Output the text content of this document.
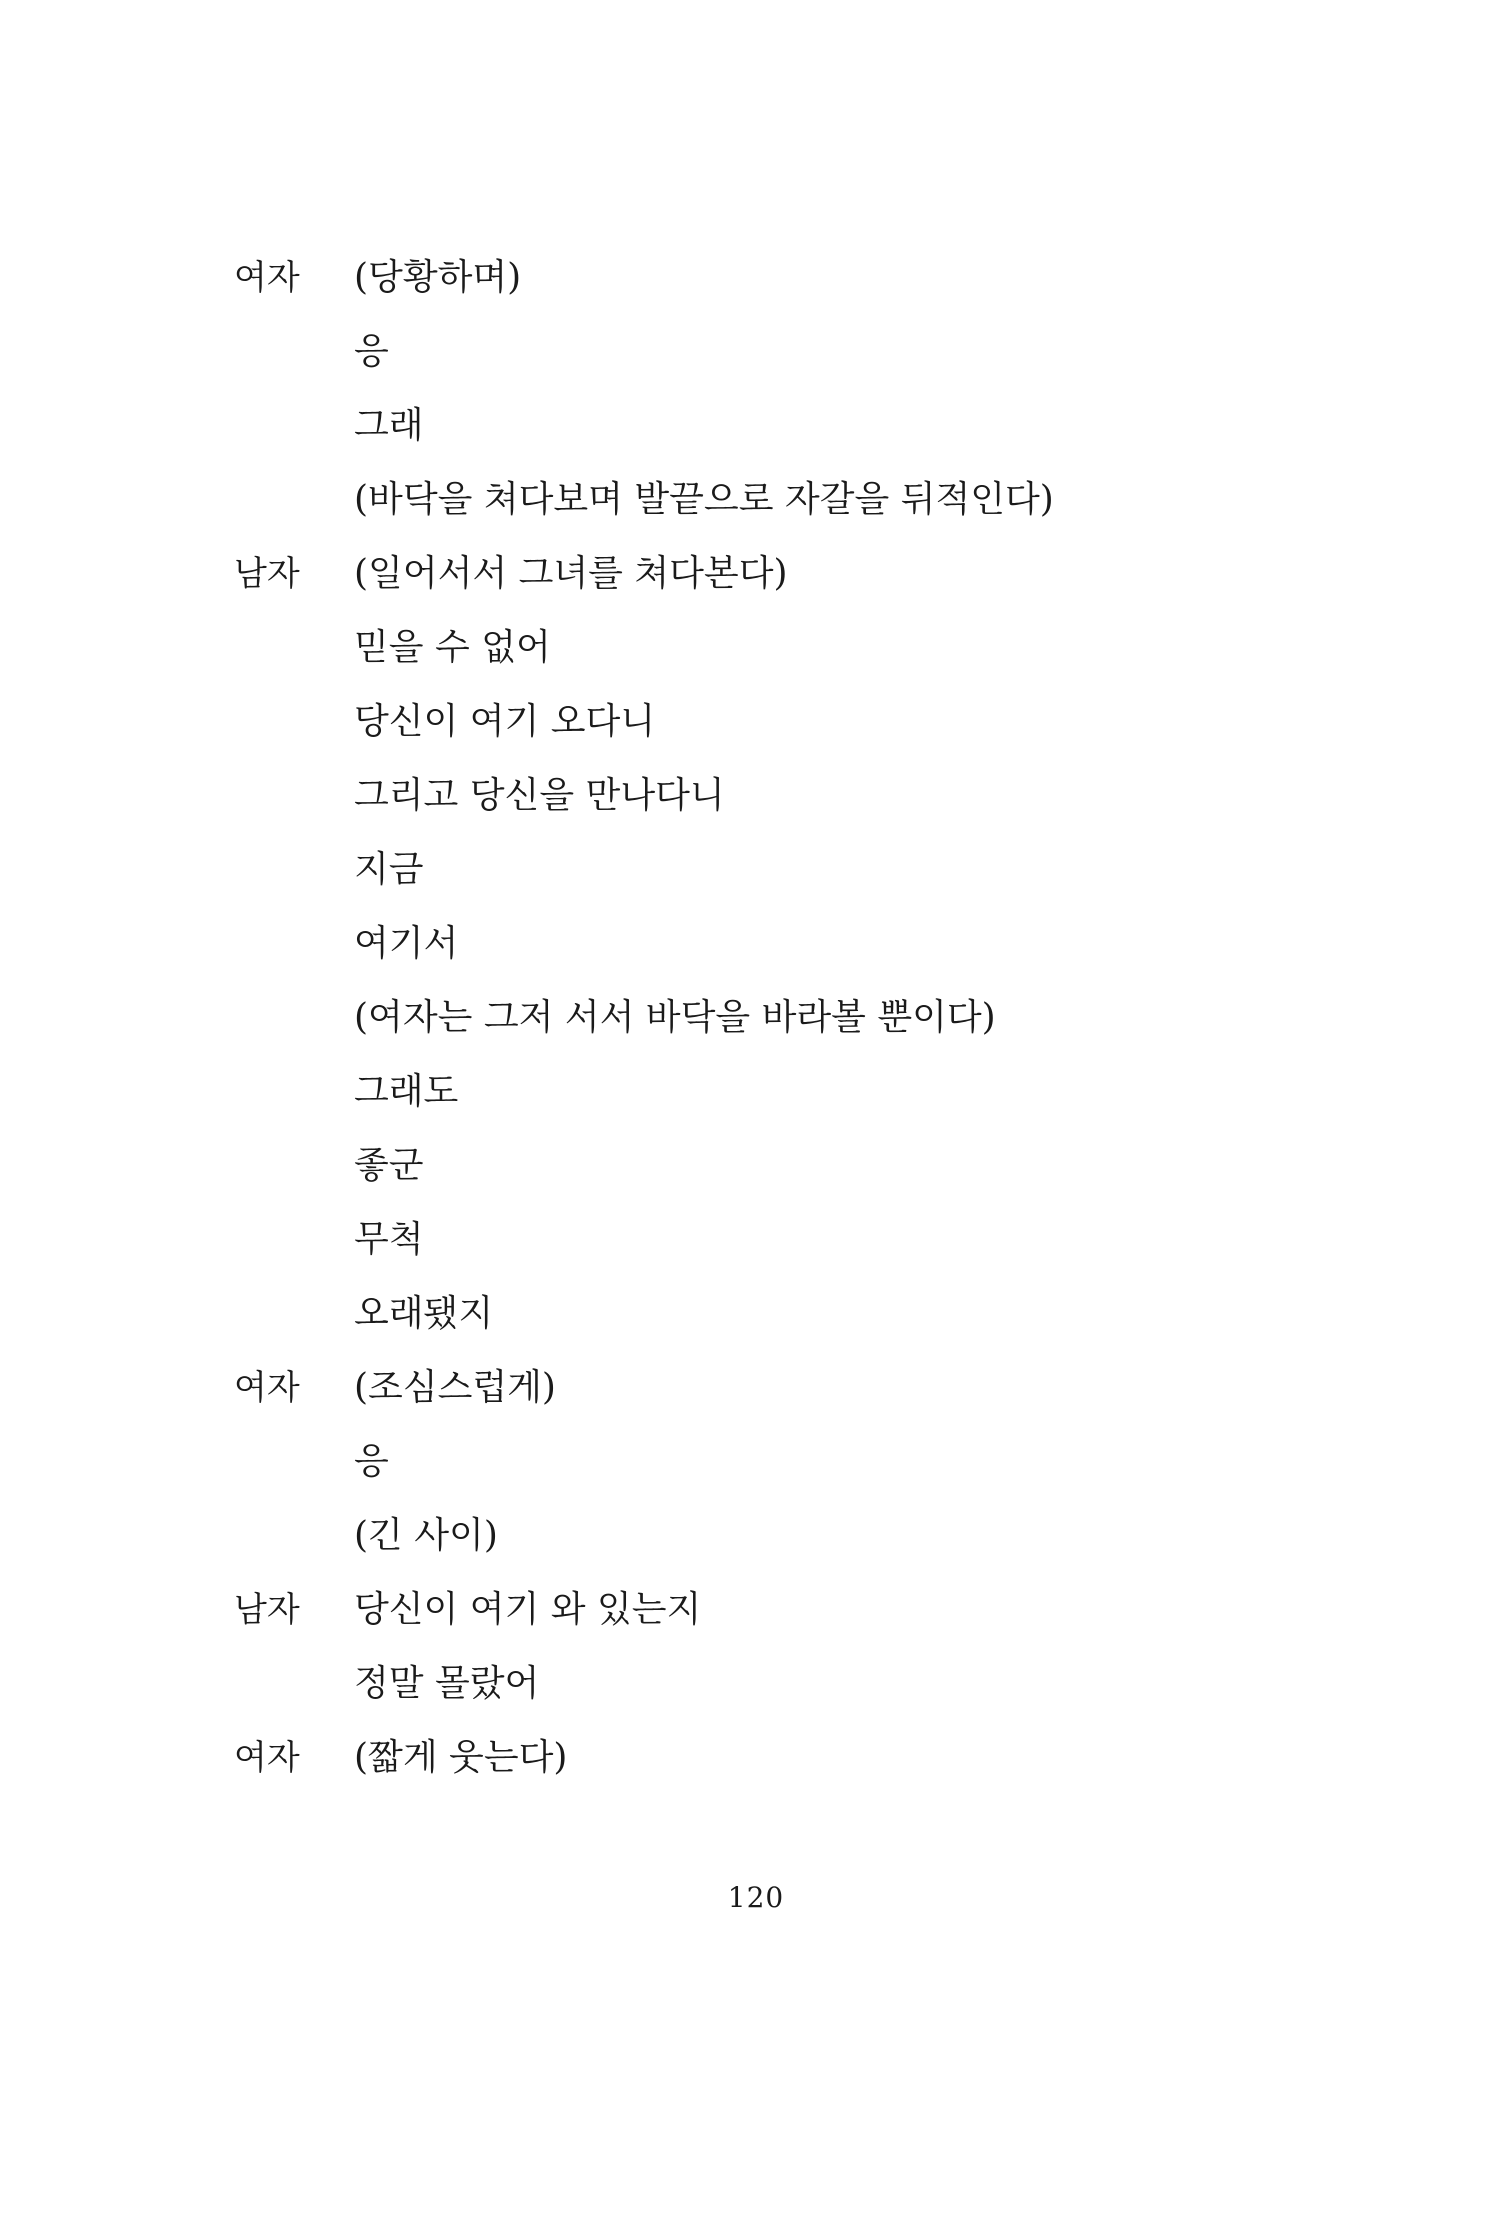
여자 (당황하며)
응
그래
(바닥을 쳐다보며 발끝으로 자갈을 뒤적인다)
남자 (일어서서 그녀를 쳐다본다)
믿을 수 없어
당신이 여기 오다니
그리고 당신을 만나다니
지금
여기서
(여자는 그저 서서 바닥을 바라볼 뿐이다)
그래도
좋군
무척
오래됐지
여자 (조심스럽게)
응
(긴 사이)
남자 당신이 여기 와 있는지
정말 몰랐어
여자 (짧게 웃는다)
120
